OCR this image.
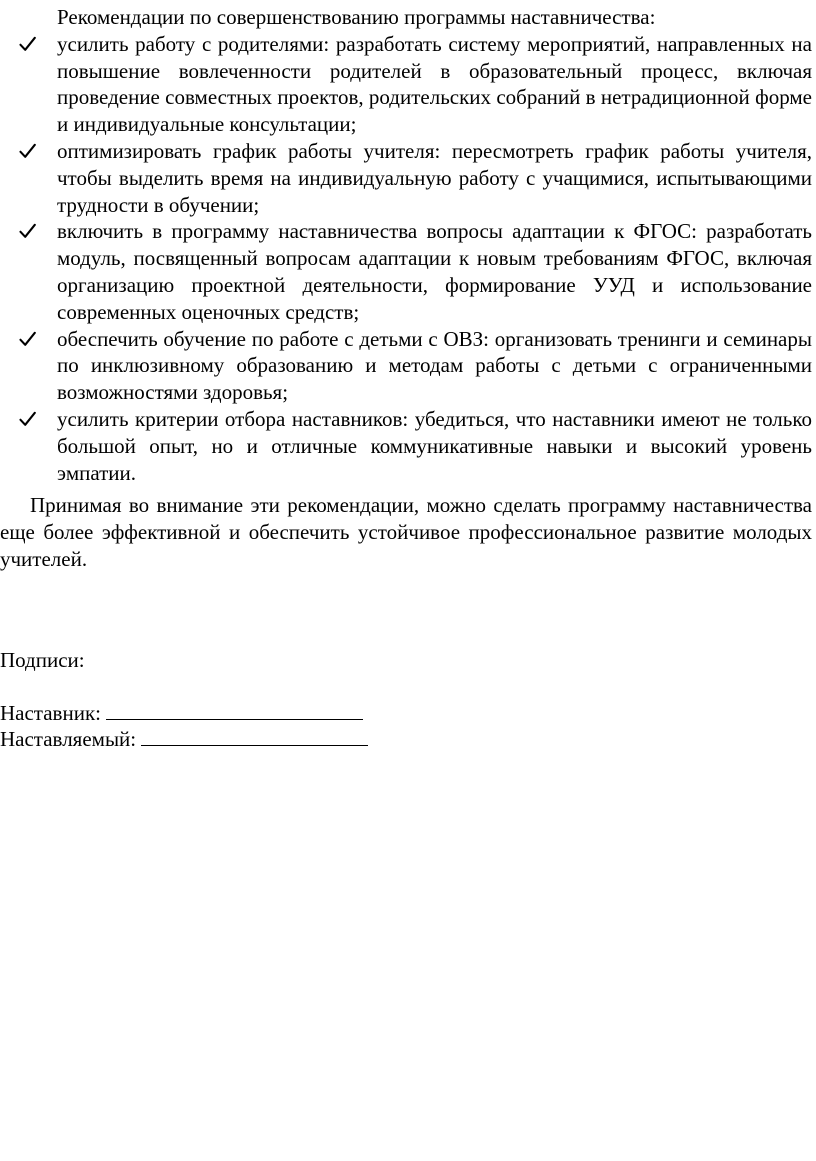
Рекомендации по совершенствованию программы наставничества:

усилить работу с родителями: разработать систему мероприятий, направленных на повышение вовлеченности родителей в образовательный процесс, включая проведение совместных проектов, родительских собраний в нетрадиционной форме и индивидуальные консультации;
оптимизировать график работы учителя: пересмотреть график работы учителя, чтобы выделить время на индивидуальную работу с учащимися, испытывающими трудности в обучении;
включить в программу наставничества вопросы адаптации к ФГОС: разработать модуль, посвященный вопросам адаптации к новым требованиям ФГОС, включая организацию проектной деятельности, формирование УУД и использование современных оценочных средств;
обеспечить обучение по работе с детьми с ОВЗ: организовать тренинги и семинары по инклюзивному образованию и методам работы с детьми с ограниченными возможностями здоровья;
усилить критерии отбора наставников: убедиться, что наставники имеют не только большой опыт, но и отличные коммуникативные навыки и высокий уровень эмпатии.

Принимая во внимание эти рекомендации, можно сделать программу наставничества еще более эффективной и обеспечить устойчивое профессиональное развитие молодых учителей.

Подписи:

Наставник:

Наставляемый:
